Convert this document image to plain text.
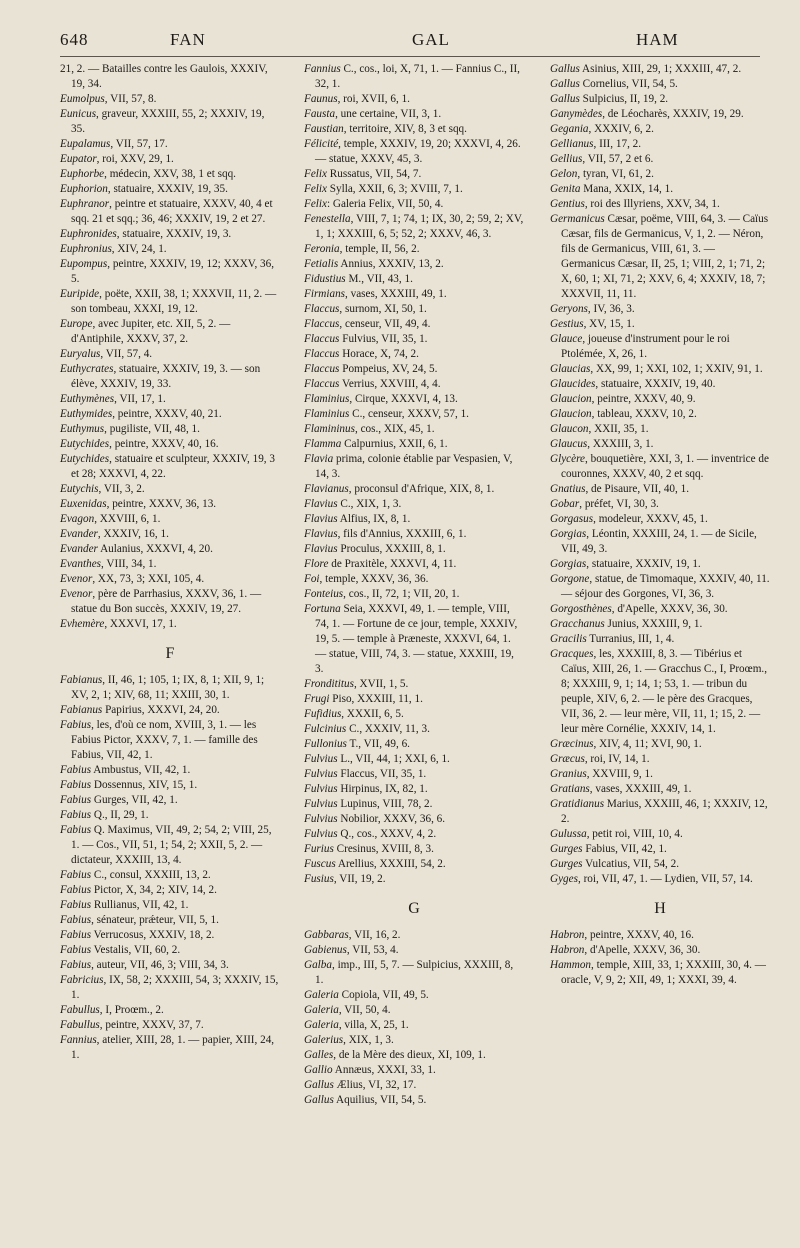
648	FAN	GAL	HAM
21, 2. — Batailles contre les Gaulois, XXXIV, 19, 34.
Eumolpus, VII, 57, 8.
Eunicus, graveur, XXXIII, 55, 2; XXXIV, 19, 35.
Eupalamus, VII, 57, 17.
Eupator, roi, XXV, 29, 1.
Euphorbe, médecin, XXV, 38, 1 et sqq.
Euphorion, statuaire, XXXIV, 19, 35.
Euphranor, peintre et statuaire, XXXV, 40, 4 et sqq. 21 et sqq.; 36, 46; XXXIV, 19, 2 et 27.
Euphronides, statuaire, XXXIV, 19, 3.
Euphronius, XIV, 24, 1.
Eupompus, peintre, XXXIV, 19, 12; XXXV, 36, 5.
Euripide, poëte, XXII, 38, 1; XXXVII, 11, 2. — son tombeau, XXXI, 19, 12.
Europe, avec Jupiter, etc. XII, 5, 2. — d'Antiphile, XXXV, 37, 2.
Euryalus, VII, 57, 4.
Euthycrates, statuaire, XXXIV, 19, 3. — son élève, XXXIV, 19, 33.
Euthymènes, VII, 17, 1.
Euthymides, peintre, XXXV, 40, 21.
Euthymus, pugiliste, VII, 48, 1.
Eutychides, peintre, XXXV, 40, 16.
Eutychides, statuaire et sculpteur, XXXIV, 19, 3 et 28; XXXVI, 4, 22.
Eutychis, VII, 3, 2.
Euxenidas, peintre, XXXV, 36, 13.
Evagon, XXVIII, 6, 1.
Evander, XXXIV, 16, 1.
Evander Aulanius, XXXVI, 4, 20.
Evanthes, VIII, 34, 1.
Evenor, XX, 73, 3; XXI, 105, 4.
Evenor, père de Parrhasius, XXXV, 36, 1. — statue du Bon succès, XXXIV, 19, 27.
Evhemère, XXXVI, 17, 1.
F
Fabianus, II, 46, 1; 105, 1; IX, 8, 1; XII, 9, 1; XV, 2, 1; XIV, 68, 11; XXIII, 30, 1.
Fabianus Papirius, XXXVI, 24, 20.
Fabius, les, d'où ce nom, XVIII, 3, 1. — les Fabius Pictor, XXXV, 7, 1. — famille des Fabius, VII, 42, 1.
Fabius Ambustus, VII, 42, 1.
Fabius Dossennus, XIV, 15, 1.
Fabius Gurges, VII, 42, 1.
Fabius Q., II, 29, 1.
Fabius Q. Maximus, VII, 49, 2; 54, 2; VIII, 25, 1. — Cos., VII, 51, 1; 54, 2; XXII, 5, 2. — dictateur, XXXIII, 13, 4.
Fabius C., consul, XXXIII, 13, 2.
Fabius Pictor, X, 34, 2; XIV, 14, 2.
Fabius Rullianus, VII, 42, 1.
Fabius, sénateur, prǽteur, VII, 5, 1.
Fabius Verrucosus, XXXIV, 18, 2.
Fabius Vestalis, VII, 60, 2.
Fabius, auteur, VII, 46, 3; VIII, 34, 3.
Fabricius, IX, 58, 2; XXXIII, 54, 3; XXXIV, 15, 1.
Fabullus, I, Proœm., 2.
Fabullus, peintre, XXXV, 37, 7.
Fannius, atelier, XIII, 28, 1. — papier, XIII, 24, 1.
Fannius C., cos., loi, X, 71, 1. — Fannius C., II, 32, 1.
Faunus, roi, XVII, 6, 1.
Fausta, une certaine, VII, 3, 1.
Faustian, territoire, XIV, 8, 3 et sqq.
Félicité, temple, XXXIV, 19, 20; XXXVI, 4, 26. — statue, XXXV, 45, 3.
Felix Russatus, VII, 54, 7.
Felix Sylla, XXII, 6, 3; XVIII, 7, 1.
Felix: Galeria Felix, VII, 50, 4.
Fenestella, VIII, 7, 1; 74, 1; IX, 30, 2; 59, 2; XV, 1, 1; XXXIII, 6, 5; 52, 2; XXXV, 46, 3.
Feronia, temple, II, 56, 2.
Fetialis Annius, XXXIV, 13, 2.
Fidustius M., VII, 43, 1.
Firmians, vases, XXXIII, 49, 1.
Flaccus, surnom, XI, 50, 1.
Flaccus, censeur, VII, 49, 4.
Flaccus Fulvius, VII, 35, 1.
Flaccus Horace, X, 74, 2.
Flaccus Pompeius, XV, 24, 5.
Flaccus Verrius, XXVIII, 4, 4.
Flaminius, Cirque, XXXVI, 4, 13.
Flaminius C., censeur, XXXV, 57, 1.
Flamininus, cos., XIX, 45, 1.
Flamma Calpurnius, XXII, 6, 1.
Flavia prima, colonie établie par Vespasien, V, 14, 3.
Flavianus, proconsul d'Afrique, XIX, 8, 1.
Flavius C., XIX, 1, 3.
Flavius Alfius, IX, 8, 1.
Flavius, fils d'Annius, XXXIII, 6, 1.
Flavius Proculus, XXXIII, 8, 1.
Flore de Praxitèle, XXXVI, 4, 11.
Foi, temple, XXXV, 36, 36.
Fonteius, cos., II, 72, 1; VII, 20, 1.
Fortuna Seia, XXXVI, 49, 1. — temple, VIII, 74, 1. — Fortune de ce jour, temple, XXXIV, 19, 5. — temple à Præneste, XXXVI, 64, 1. — statue, VIII, 74, 3. — statue, XXXIII, 19, 3.
Frondititus, XVII, 1, 5.
Frugi Piso, XXXIII, 11, 1.
Fufidius, XXXII, 6, 5.
Fulcinius C., XXXIV, 11, 3.
Fullonius T., VII, 49, 6.
Fulvius L., VII, 44, 1; XXI, 6, 1.
Fulvius Flaccus, VII, 35, 1.
Fulvius Hirpinus, IX, 82, 1.
Fulvius Lupinus, VIII, 78, 2.
Fulvius Nobilior, XXXV, 36, 6.
Fulvius Q., cos., XXXV, 4, 2.
Furius Cresinus, XVIII, 8, 3.
Fuscus Arellius, XXXIII, 54, 2.
Fusius, VII, 19, 2.
G
Gabbaras, VII, 16, 2.
Gabienus, VII, 53, 4.
Galba, imp., III, 5, 7. — Sulpicius, XXXIII, 8, 1.
Galeria Copiola, VII, 49, 5.
Galeria, VII, 50, 4.
Galeria, villa, X, 25, 1.
Galerius, XIX, 1, 3.
Galles, de la Mère des dieux, XI, 109, 1.
Gallio Annæus, XXXI, 33, 1.
Gallus Ælius, VI, 32, 17.
Gallus Aquilius, VII, 54, 5.
Gallus Asinius, XIII, 29, 1; XXXIII, 47, 2.
Gallus Cornelius, VII, 54, 5.
Gallus Sulpicius, II, 19, 2.
Ganymèdes, de Léocharès, XXXIV, 19, 29.
Gegania, XXXIV, 6, 2.
Gellianus, III, 17, 2.
Gellius, VII, 57, 2 et 6.
Gelon, tyran, VI, 61, 2.
Genita Mana, XXIX, 14, 1.
Gentius, roi des Illyriens, XXV, 34, 1.
Germanicus Cæsar, poëme, VIII, 64, 3. — Caïus Cæsar, fils de Germanicus, V, 1, 2. — Néron, fils de Germanicus, VIII, 61, 3. — Germanicus Cæsar, II, 25, 1; VIII, 2, 1; 71, 2; X, 60, 1; XI, 71, 2; XXV, 6, 4; XXXIV, 18, 7; XXXVII, 11, 11.
Geryons, IV, 36, 3.
Gestius, XV, 15, 1.
Glauce, joueuse d'instrument pour le roi Ptolémée, X, 26, 1.
Glaucias, XX, 99, 1; XXI, 102, 1; XXIV, 91, 1.
Glaucides, statuaire, XXXIV, 19, 40.
Glaucion, peintre, XXXV, 40, 9.
Glaucion, tableau, XXXV, 10, 2.
Glaucon, XXII, 35, 1.
Glaucus, XXXIII, 3, 1.
Glycère, bouquetière, XXI, 3, 1. — inventrice de couronnes, XXXV, 40, 2 et sqq.
Gnatius, de Pisaure, VII, 40, 1.
Gobar, préfet, VI, 30, 3.
Gorgasus, modeleur, XXXV, 45, 1.
Gorgias, Léontin, XXXIII, 24, 1. — de Sicile, VII, 49, 3.
Gorgias, statuaire, XXXIV, 19, 1.
Gorgone, statue, de Timomaque, XXXIV, 40, 11. — séjour des Gorgones, VI, 36, 3.
Gorgosthènes, d'Apelle, XXXV, 36, 30.
Gracchanus Junius, XXXIII, 9, 1.
Gracilis Turranius, III, 1, 4.
Gracques, les, XXXIII, 8, 3. — Tibérius et Caïus, XIII, 26, 1. — Gracchus C., I, Proœm., 8; XXXIII, 9, 1; 14, 1; 53, 1. — tribun du peuple, XIV, 6, 2. — le père des Gracques, VII, 36, 2. — leur mère, VII, 11, 1; 15, 2. — leur mère Cornélie, XXXIV, 14, 1.
Græcinus, XIV, 4, 11; XVI, 90, 1.
Græcus, roi, IV, 14, 1.
Granius, XXVIII, 9, 1.
Gratians, vases, XXXIII, 49, 1.
Gratidianus Marius, XXXIII, 46, 1; XXXIV, 12, 2.
Gulussa, petit roi, VIII, 10, 4.
Gurges Fabius, VII, 42, 1.
Gurges Vulcatius, VII, 54, 2.
Gyges, roi, VII, 47, 1. — Lydien, VII, 57, 14.
H
Habron, peintre, XXXV, 40, 16.
Habron, d'Apelle, XXXV, 36, 30.
Hammon, temple, XIII, 33, 1; XXXIII, 30, 4. — oracle, V, 9, 2; XII, 49, 1; XXXI, 39, 4.
